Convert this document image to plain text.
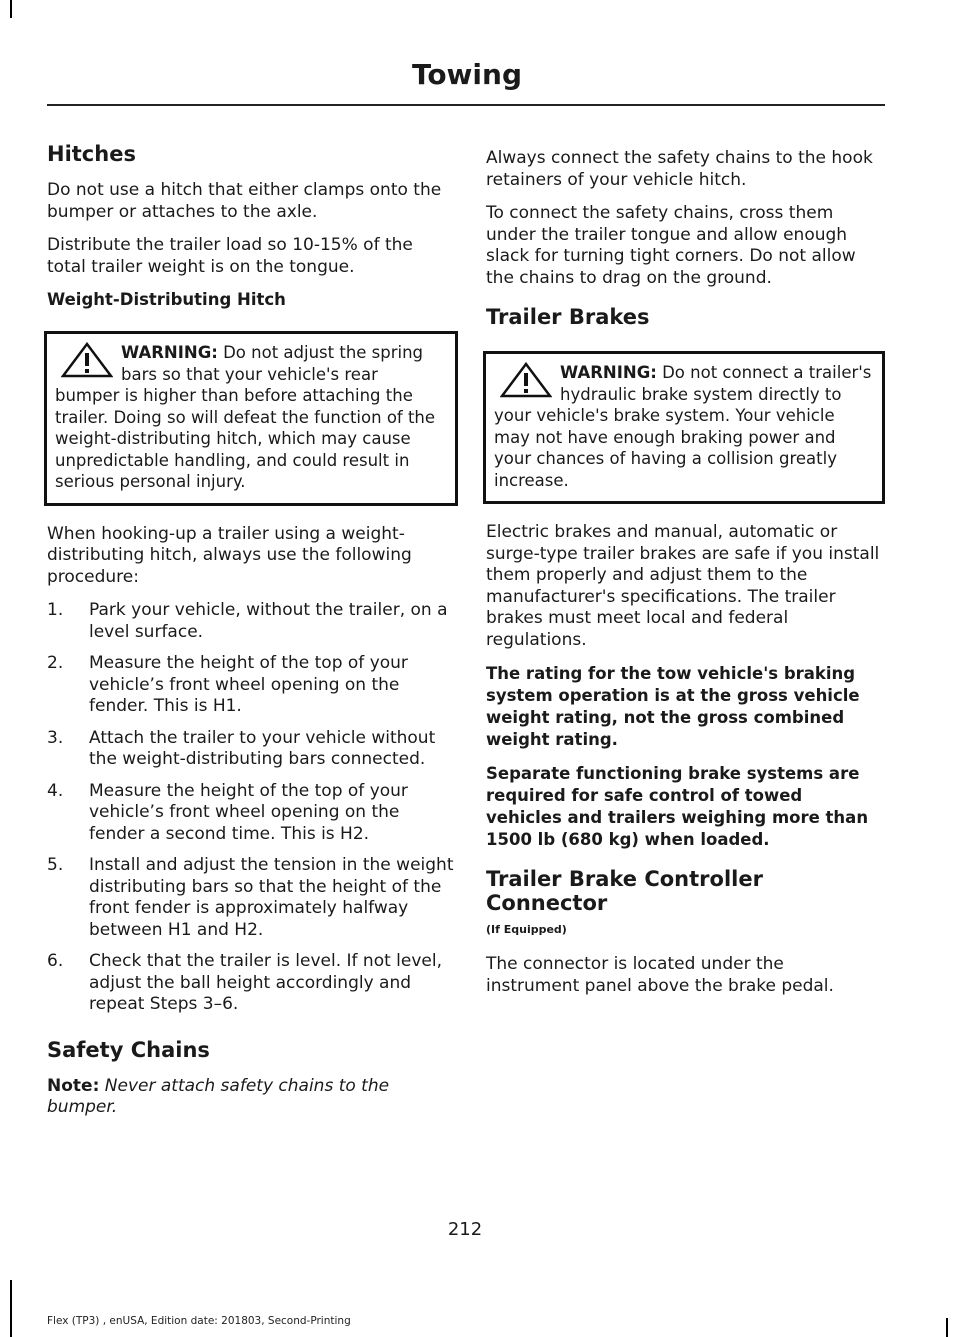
Towing
Hitches

Do not use a hitch that either clamps onto the bumper or attaches to the axle.

Distribute the trailer load so 10-15% of the total trailer weight is on the tongue.

Weight-Distributing Hitch
WARNING: Do not adjust the spring bars so that your vehicle's rear bumper is higher than before attaching the trailer. Doing so will defeat the function of the weight-distributing hitch, which may cause unpredictable handling, and could result in serious personal injury.

When hooking-up a trailer using a weight-distributing hitch, always use the following procedure:

1. Park your vehicle, without the trailer, on a level surface.
2. Measure the height of the top of your vehicle’s front wheel opening on the fender. This is H1.
3. Attach the trailer to your vehicle without the weight-distributing bars connected.
4. Measure the height of the top of your vehicle’s front wheel opening on the fender a second time. This is H2.
5. Install and adjust the tension in the weight distributing bars so that the height of the front fender is approximately halfway between H1 and H2.
6. Check that the trailer is level. If not level, adjust the ball height accordingly and repeat Steps 3–6.
Safety Chains

Note: Never attach safety chains to the bumper.

Always connect the safety chains to the hook retainers of your vehicle hitch.

To connect the safety chains, cross them under the trailer tongue and allow enough slack for turning tight corners. Do not allow the chains to drag on the ground.

Trailer Brakes
WARNING: Do not connect a trailer's hydraulic brake system directly to your vehicle's brake system. Your vehicle may not have enough braking power and your chances of having a collision greatly increase.

Electric brakes and manual, automatic or surge-type trailer brakes are safe if you install them properly and adjust them to the manufacturer's specifications. The trailer brakes must meet local and federal regulations.

The rating for the tow vehicle's braking system operation is at the gross vehicle weight rating, not the gross combined weight rating.

Separate functioning brake systems are required for safe control of towed vehicles and trailers weighing more than 1500 lb (680 kg) when loaded.

Trailer Brake Controller Connector
(If Equipped)

The connector is located under the instrument panel above the brake pedal.

212
Flex (TP3) , enUSA, Edition date: 201803, Second-Printing
